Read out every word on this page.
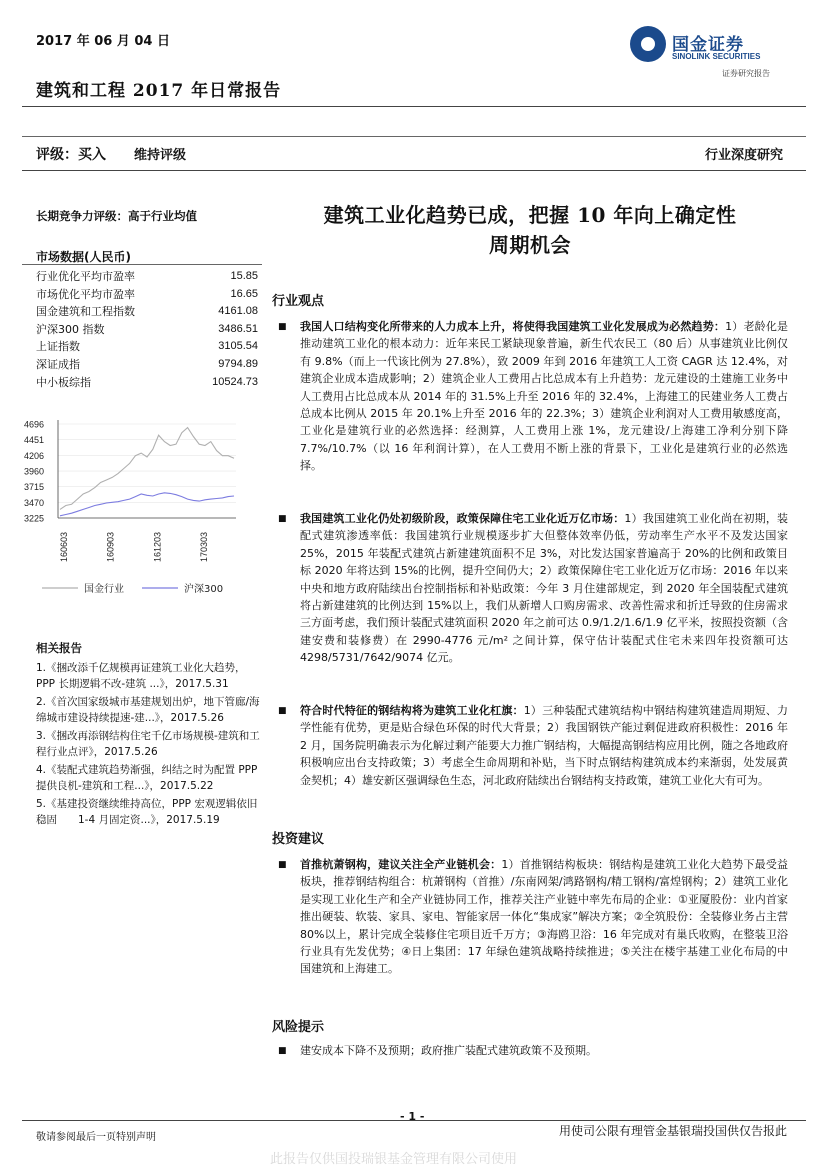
2017 年 06 月 04 日
建筑和工程 2017 年日常报告
国金证券
SINOLINK SECURITIES
证券研究报告
评级：买入 维持评级	行业深度研究
长期竞争力评级：高于行业均值
市场数据(人民币)
行业优化平均市盈率	15.85
市场优化平均市盈率	16.65
国金建筑和工程指数	4161.08
沪深300 指数	3486.51
上证指数	3105.54
深证成指	9794.89
中小板综指	10524.73
4696
4451
4206
3960
3715
3470
3225
160603	160903	161203	170303
国金行业	沪深300
相关报告
1.《捆改添千亿规模再证建筑工业化大趋势，PPP 长期逻辑不改-建筑 ...》，2017.5.31
2.《首次国家级城市基建规划出炉，地下管廊/海绵城市建设持续提速-建...》，2017.5.26
3.《捆改再添钢结构住宅千亿市场规模-建筑和工程行业点评》，2017.5.26
4.《装配式建筑趋势渐强，纠结之时为配置 PPP 提供良机-建筑和工程...》，2017.5.22
5.《基建投资继续维持高位，PPP 宏观逻辑依旧稳固　　1-4 月固定资...》，2017.5.19
建筑工业化趋势已成，把握 10 年向上确定性
周期机会
行业观点
■ 我国人口结构变化所带来的人力成本上升，将使得我国建筑工业化发展成为必然趋势：1）老龄化是推动建筑工业化的根本动力：近年来民工紧缺现象普遍，新生代农民工（80 后）从事建筑业比例仅有 9.8%（而上一代该比例为 27.8%），致 2009 年到 2016 年建筑工人工资 CAGR 达 12.4%，对建筑企业成本造成影响；2）建筑企业人工费用占比总成本有上升趋势：龙元建设的土建施工业务中人工费用占比总成本从 2014 年的 31.5%上升至 2016 年的 32.4%，上海建工的民建业务人工费占总成本比例从 2015 年 20.1%上升至 2016 年的 22.3%；3）建筑企业利润对人工费用敏感度高，工业化是建筑行业的必然选择：经测算，人工费用上涨 1%，龙元建设/上海建工净利分别下降 7.7%/10.7%（以 16 年利润计算），在人工费用不断上涨的背景下，工业化是建筑行业的必然选择。
■ 我国建筑工业化仍处初级阶段，政策保障住宅工业化近万亿市场：1）我国建筑工业化尚在初期，装配式建筑渗透率低：我国建筑行业规模逐步扩大但整体效率仍低，劳动率生产水平不及发达国家 25%，2015 年装配式建筑占新建建筑面积不足 3%，对比发达国家普遍高于 20%的比例和政策目标 2020 年将达到 15%的比例，提升空间仍大；2）政策保障住宅工业化近万亿市场：2016 年以来中央和地方政府陆续出台控制指标和补贴政策：今年 3 月住建部规定，到 2020 年全国装配式建筑将占新建建筑的比例达到 15%以上，我们从新增人口购房需求、改善性需求和折迁导致的住房需求三方面考虑，我们预计装配式建筑面积 2020 年之前可达 0.9/1.2/1.6/1.9 亿平米，按照投资额（含建安费和装修费）在 2990-4776 元/m² 之间计算，保守估计装配式住宅未来四年投资额可达 4298/5731/7642/9074 亿元。
■ 符合时代特征的钢结构将为建筑工业化杠旗：1）三种装配式建筑结构中钢结构建筑建造周期短、力学性能有优势，更是贴合绿色环保的时代大背景；2）我国钢铁产能过剩促进政府积极性：2016 年 2 月，国务院明确表示为化解过剩产能要大力推广钢结构，大幅提高钢结构应用比例，随之各地政府积极响应出台支持政策；3）考虑全生命周期和补贴，当下时点钢结构建筑成本约来渐弱，处发展黄金契机；4）雄安新区强调绿色生态，河北政府陆续出台钢结构支持政策，建筑工业化大有可为。
投资建议
■ 首推杭萧钢构，建议关注全产业链机会：1）首推钢结构板块：钢结构是建筑工业化大趋势下最受益板块，推荐钢结构组合：杭萧钢构（首推）/东南网架/鸿路钢构/精工钢构/富煌钢构；2）建筑工业化是实现工业化生产和全产业链协同工作，推荐关注产业链中率先布局的企业：①亚厦股份：业内首家推出硬装、软装、家具、家电、智能家居一体化“集成家”解决方案；②全筑股份：全装修业务占主营 80%以上，累计完成全装修住宅项目近千万方；③海鸥卫浴：16 年完成对有巢氏收购，在整装卫浴行业具有先发优势；④日上集团：17 年绿色建筑战略持续推进；⑤关注在楼宇基建工业化布局的中国建筑和上海建工。
风险提示
■ 建安成本下降不及预期；政府推广装配式建筑政策不及预期。
- 1 -
敬请参阅最后一页特别声明	用使司公限有理管金基银瑞投国供仅告报此
此报告仅供国投瑞银基金管理有限公司使用
